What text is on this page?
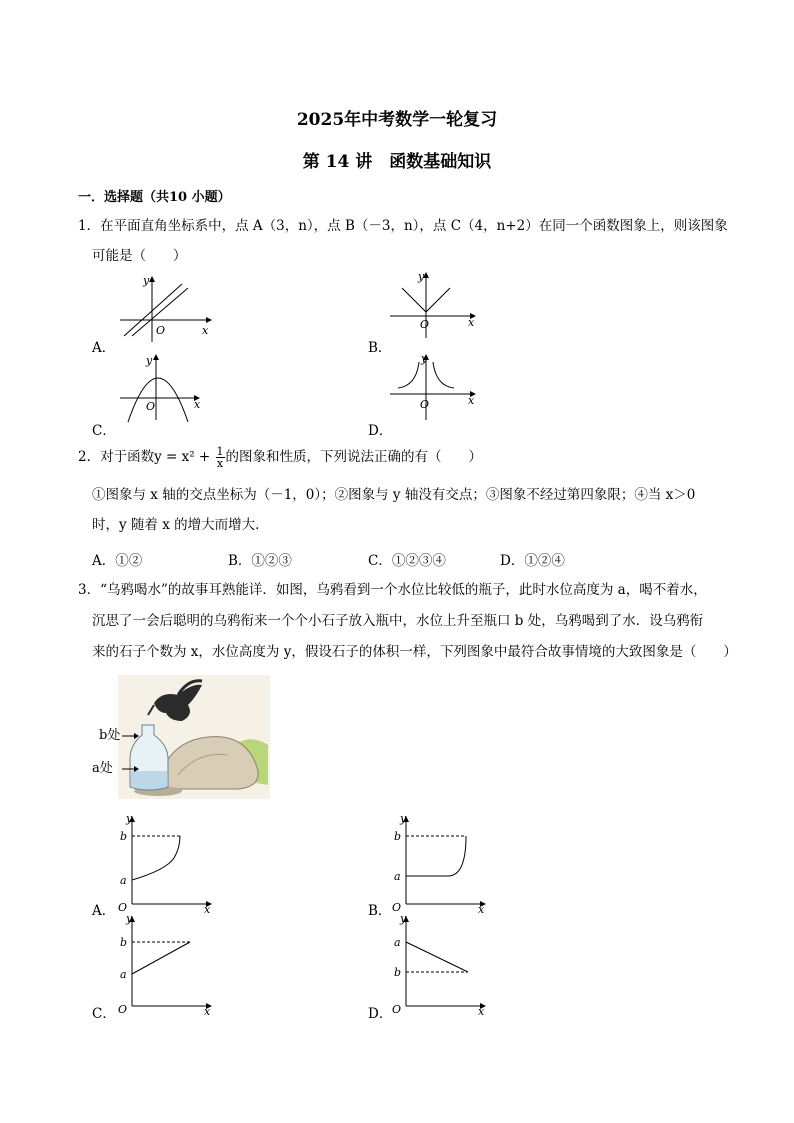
2025年中考数学一轮复习
第 14 讲　函数基础知识
一．选择题（共10 小题）
1．在平面直角坐标系中，点 A（3，n），点 B（－3，n），点 C（4，n+2）在同一个函数图象上，则该图象
可能是（　　）
A．
y
x
O
B．
y
x
O
C．
y
x
O
D．
y
x
O
2．对于函数$y = x^2 + \frac{1}{x}$ 的图象和性质，下列说法正确的有（　　）
①图象与 x 轴的交点坐标为（－1，0）；②图象与 y 轴没有交点；③图象不经过第四象限；④当 x＞0
时，y 随着 x 的增大而增大．
A．①②	B．①②③	C．①②③④	D．①②④
3．“乌鸦喝水”的故事耳熟能详．如图，乌鸦看到一个水位比较低的瓶子，此时水位高度为 a，喝不着水，
沉思了一会后聪明的乌鸦衔来一个个小石子放入瓶中，水位上升至瓶口 b 处，乌鸦喝到了水．设乌鸦衔
来的石子个数为 x，水位高度为 y，假设石子的体积一样，下列图象中最符合故事情境的大致图象是（　　）
b处
a处
A．
y
b
a
O	x	B．
y
b
a
O	x
C．
y
b
a
O	x	D．
y
a
b
O	x
